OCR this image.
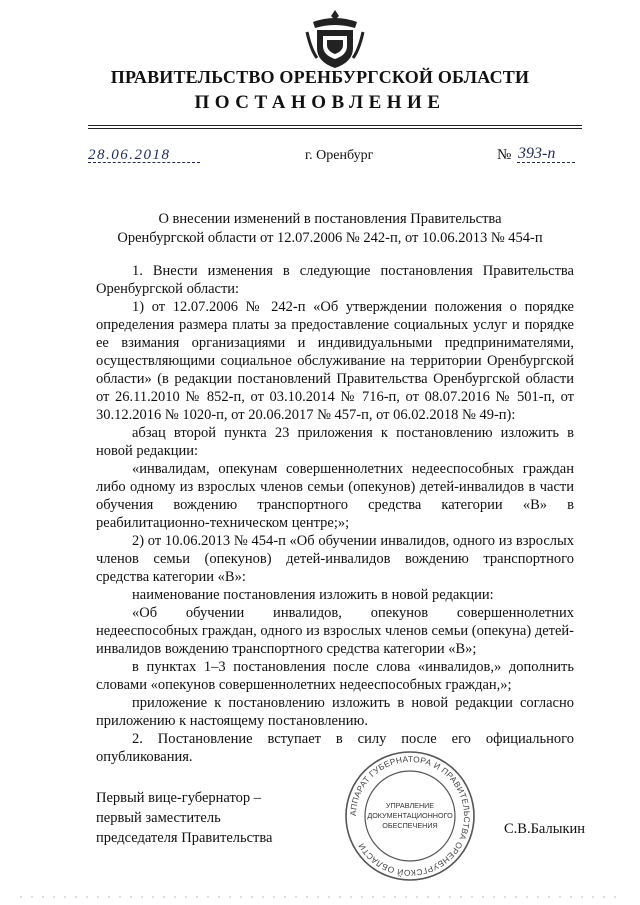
ПРАВИТЕЛЬСТВО ОРЕНБУРГСКОЙ ОБЛАСТИ
ПОСТАНОВЛЕНИЕ
28.06.2018	г. Оренбург	№ 393-п
О внесении изменений в постановления Правительства
Оренбургской области от 12.07.2006 № 242-п, от 10.06.2013 № 454-п

1. Внести изменения в следующие постановления Правительства Оренбургской области:

1) от 12.07.2006 № 242-п «Об утверждении положения о порядке определения размера платы за предоставление социальных услуг и порядке ее взимания организациями и индивидуальными предпринимателями, осуществляющими социальное обслуживание на территории Оренбургской области» (в редакции постановлений Правительства Оренбургской области от 26.11.2010 № 852-п, от 03.10.2014 № 716-п, от 08.07.2016 № 501-п, от 30.12.2016 № 1020-п, от 20.06.2017 № 457-п, от 06.02.2018 № 49-п):

абзац второй пункта 23 приложения к постановлению изложить в новой редакции:

«инвалидам, опекунам совершеннолетних недееспособных граждан либо одному из взрослых членов семьи (опекунов) детей-инвалидов в части обучения вождению транспортного средства категории «В» в реабилитационно-техническом центре;»;

2) от 10.06.2013 № 454-п «Об обучении инвалидов, одного из взрослых членов семьи (опекунов) детей-инвалидов вождению транспортного средства категории «В»:

наименование постановления изложить в новой редакции:

«Об обучении инвалидов, опекунов совершеннолетних недееспособных граждан, одного из взрослых членов семьи (опекуна) детей-инвалидов вождению транспортного средства категории «В»;

в пунктах 1–3 постановления после слова «инвалидов,» дополнить словами «опекунов совершеннолетних недееспособных граждан,»;

приложение к постановлению изложить в новой редакции согласно приложению к настоящему постановлению.

2. Постановление вступает в силу после его официального опубликования.

Первый вице-губернатор –
первый заместитель
председателя Правительства
АППАРАТ ГУБЕРНАТОРА И ПРАВИТЕЛЬСТВА ОРЕНБУРГСКОЙ ОБЛАСТИ
УПРАВЛЕНИЕ
ДОКУМЕНТАЦИОННОГО
ОБЕСПЕЧЕНИЯ	С.В.Балыкин
